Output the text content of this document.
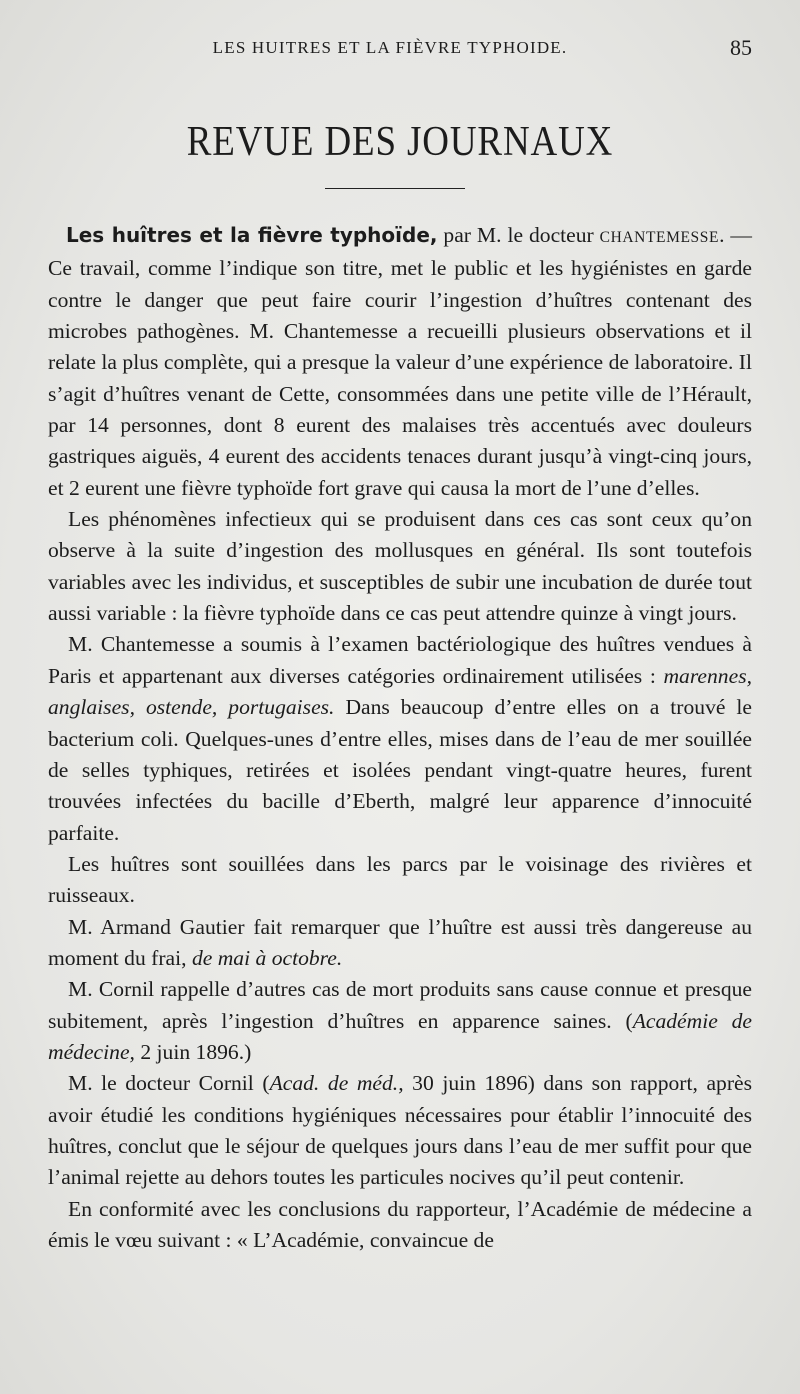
LES HUITRES ET LA FIÈVRE TYPHOIDE.	85
REVUE DES JOURNAUX

Les huîtres et la fièvre typhoïde, par M. le docteur CHANTEMESSE. — Ce travail, comme l’indique son titre, met le public et les hygiénistes en garde contre le danger que peut faire courir l’ingestion d’huîtres contenant des microbes pathogènes. M. Chantemesse a recueilli plusieurs observations et il relate la plus complète, qui a presque la valeur d’une expérience de laboratoire. Il s’agit d’huîtres venant de Cette, consommées dans une petite ville de l’Hérault, par 14 personnes, dont 8 eurent des malaises très accentués avec douleurs gastriques aiguës, 4 eurent des accidents tenaces durant jusqu’à vingt-cinq jours, et 2 eurent une fièvre typhoïde fort grave qui causa la mort de l’une d’elles.

Les phénomènes infectieux qui se produisent dans ces cas sont ceux qu’on observe à la suite d’ingestion des mollusques en général. Ils sont toutefois variables avec les individus, et susceptibles de subir une incubation de durée tout aussi variable : la fièvre typhoïde dans ce cas peut attendre quinze à vingt jours.

M. Chantemesse a soumis à l’examen bactériologique des huîtres vendues à Paris et appartenant aux diverses catégories ordinairement utilisées : marennes, anglaises, ostende, portugaises. Dans beaucoup d’entre elles on a trouvé le bacterium coli. Quelques-unes d’entre elles, mises dans de l’eau de mer souillée de selles typhiques, retirées et isolées pendant vingt-quatre heures, furent trouvées infectées du bacille d’Eberth, malgré leur apparence d’innocuité parfaite.

Les huîtres sont souillées dans les parcs par le voisinage des rivières et ruisseaux.

M. Armand Gautier fait remarquer que l’huître est aussi très dangereuse au moment du frai, de mai à octobre.

M. Cornil rappelle d’autres cas de mort produits sans cause connue et presque subitement, après l’ingestion d’huîtres en apparence saines. (Académie de médecine, 2 juin 1896.)

M. le docteur Cornil (Acad. de méd., 30 juin 1896) dans son rapport, après avoir étudié les conditions hygiéniques nécessaires pour établir l’innocuité des huîtres, conclut que le séjour de quelques jours dans l’eau de mer suffit pour que l’animal rejette au dehors toutes les particules nocives qu’il peut contenir.

En conformité avec les conclusions du rapporteur, l’Académie de médecine a émis le vœu suivant : « L’Académie, convaincue de
